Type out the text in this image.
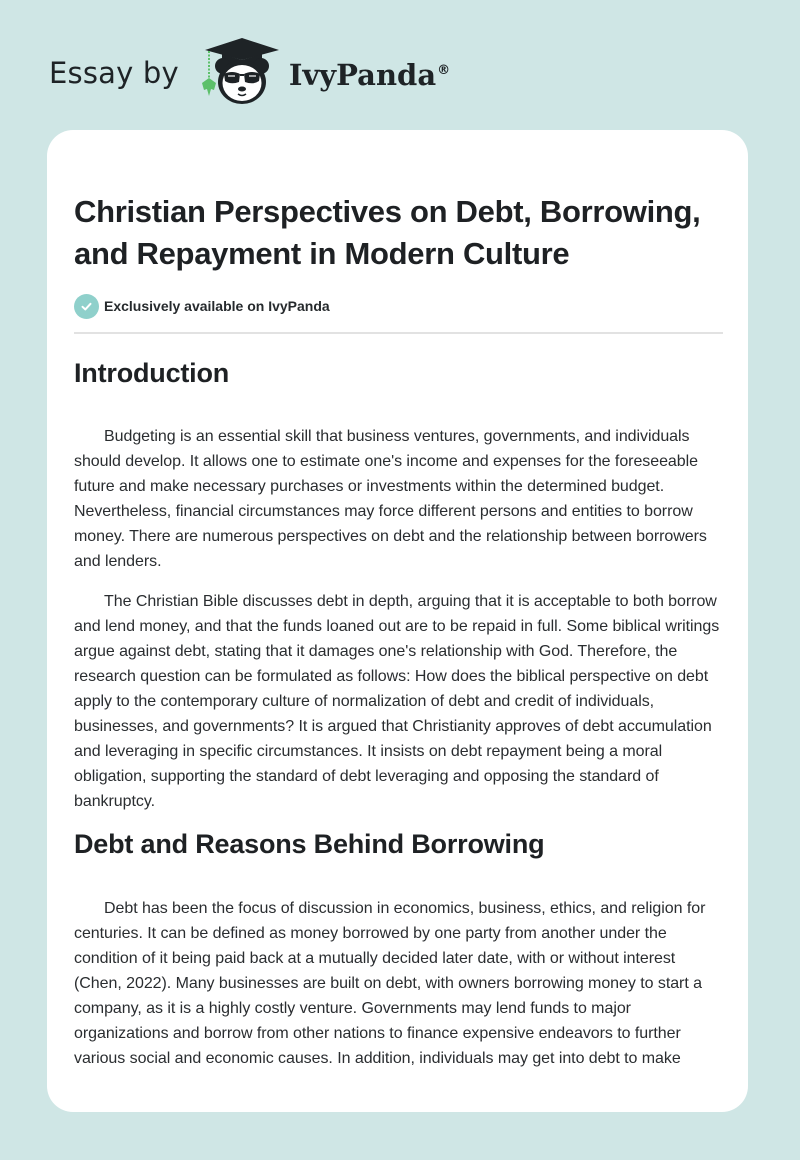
Essay by	IvyPanda®
Christian Perspectives on Debt, Borrowing, and Repayment in Modern Culture
Exclusively available on IvyPanda
Introduction

Budgeting is an essential skill that business ventures, governments, and individuals should develop. It allows one to estimate one's income and expenses for the foreseeable future and make necessary purchases or investments within the determined budget. Nevertheless, financial circumstances may force different persons and entities to borrow money. There are numerous perspectives on debt and the relationship between borrowers and lenders.

The Christian Bible discusses debt in depth, arguing that it is acceptable to both borrow and lend money, and that the funds loaned out are to be repaid in full. Some biblical writings argue against debt, stating that it damages one's relationship with God. Therefore, the research question can be formulated as follows: How does the biblical perspective on debt apply to the contemporary culture of normalization of debt and credit of individuals, businesses, and governments? It is argued that Christianity approves of debt accumulation and leveraging in specific circumstances. It insists on debt repayment being a moral obligation, supporting the standard of debt leveraging and opposing the standard of bankruptcy.

Debt and Reasons Behind Borrowing

Debt has been the focus of discussion in economics, business, ethics, and religion for centuries. It can be defined as money borrowed by one party from another under the condition of it being paid back at a mutually decided later date, with or without interest (Chen, 2022). Many businesses are built on debt, with owners borrowing money to start a company, as it is a highly costly venture. Governments may lend funds to major organizations and borrow from other nations to finance expensive endeavors to further various social and economic causes. In addition, individuals may get into debt to make
